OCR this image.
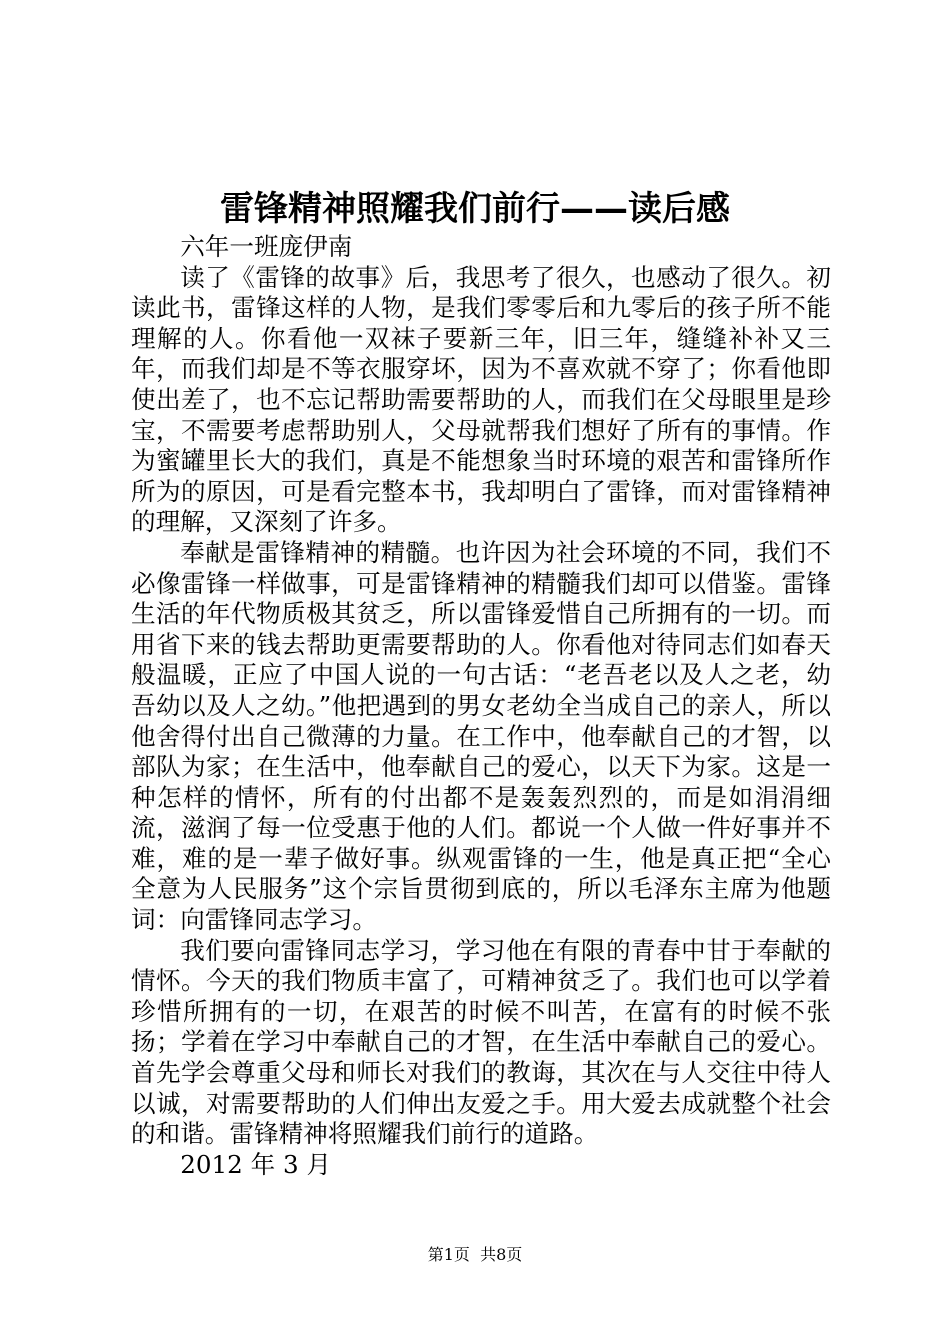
雷锋精神照耀我们前行——读后感

六年一班庞伊南

读了《雷锋的故事》后，我思考了很久，也感动了很久。初读此书，雷锋这样的人物，是我们零零后和九零后的孩子所不能理解的人。你看他一双袜子要新三年，旧三年，缝缝补补又三年，而我们却是不等衣服穿坏，因为不喜欢就不穿了；你看他即使出差了，也不忘记帮助需要帮助的人，而我们在父母眼里是珍宝，不需要考虑帮助别人，父母就帮我们想好了所有的事情。作为蜜罐里长大的我们，真是不能想象当时环境的艰苦和雷锋所作所为的原因，可是看完整本书，我却明白了雷锋，而对雷锋精神的理解，又深刻了许多。

奉献是雷锋精神的精髓。也许因为社会环境的不同，我们不必像雷锋一样做事，可是雷锋精神的精髓我们却可以借鉴。雷锋生活的年代物质极其贫乏，所以雷锋爱惜自己所拥有的一切。而用省下来的钱去帮助更需要帮助的人。你看他对待同志们如春天般温暖，正应了中国人说的一句古话：“老吾老以及人之老，幼吾幼以及人之幼。”他把遇到的男女老幼全当成自己的亲人，所以他舍得付出自己微薄的力量。在工作中，他奉献自己的才智，以部队为家；在生活中，他奉献自己的爱心，以天下为家。这是一种怎样的情怀，所有的付出都不是轰轰烈烈的，而是如涓涓细流，滋润了每一位受惠于他的人们。都说一个人做一件好事并不难，难的是一辈子做好事。纵观雷锋的一生，他是真正把“全心全意为人民服务”这个宗旨贯彻到底的，所以毛泽东主席为他题词：向雷锋同志学习。

我们要向雷锋同志学习，学习他在有限的青春中甘于奉献的情怀。今天的我们物质丰富了，可精神贫乏了。我们也可以学着珍惜所拥有的一切，在艰苦的时候不叫苦，在富有的时候不张扬；学着在学习中奉献自己的才智，在生活中奉献自己的爱心。首先学会尊重父母和师长对我们的教诲，其次在与人交往中待人以诚，对需要帮助的人们伸出友爱之手。用大爱去成就整个社会的和谐。雷锋精神将照耀我们前行的道路。

2012 年 3 月

第1页 共8页
